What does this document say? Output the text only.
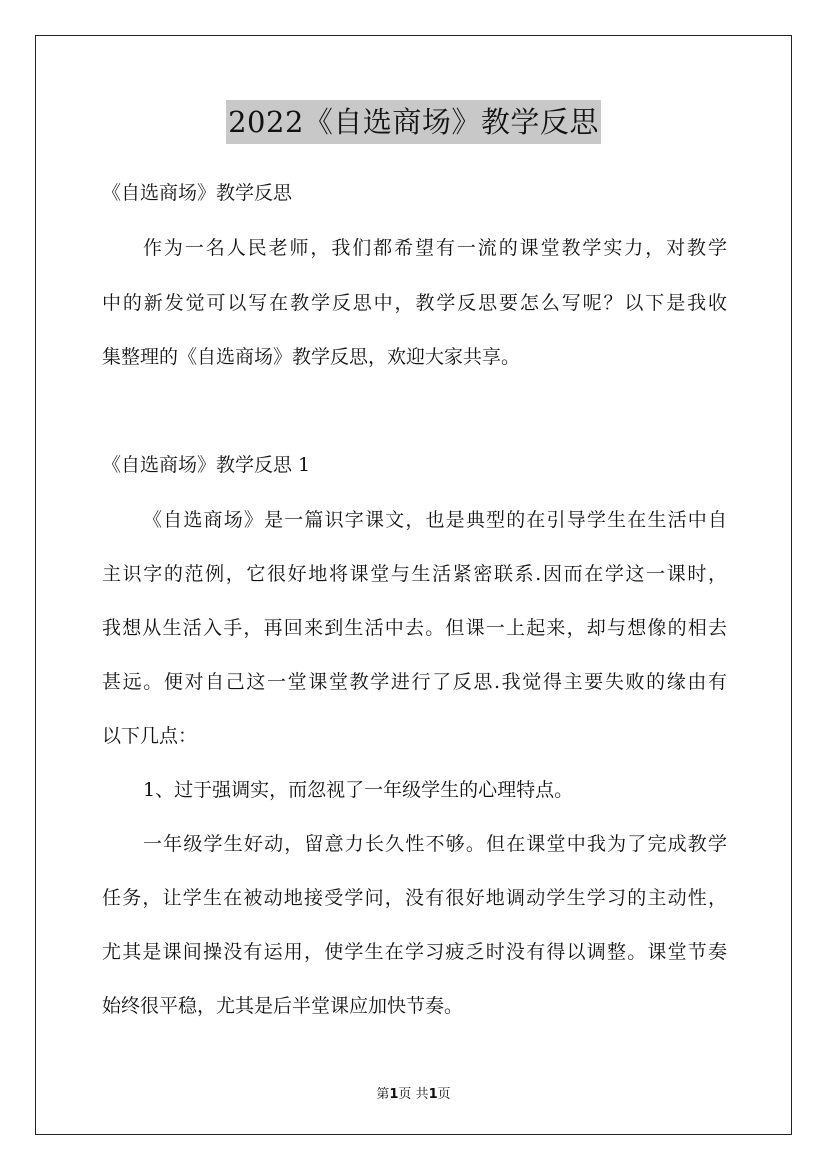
2022《自选商场》教学反思
《自选商场》教学反思
作为一名人民老师，我们都希望有一流的课堂教学实力，对教学
中的新发觉可以写在教学反思中，教学反思要怎么写呢？以下是我收
集整理的《自选商场》教学反思，欢迎大家共享。
《自选商场》教学反思 1
《自选商场》是一篇识字课文，也是典型的在引导学生在生活中自
主识字的范例，它很好地将课堂与生活紧密联系.因而在学这一课时，
我想从生活入手，再回来到生活中去。但课一上起来，却与想像的相去
甚远。便对自己这一堂课堂教学进行了反思.我觉得主要失败的缘由有
以下几点：
1、过于强调实，而忽视了一年级学生的心理特点。
一年级学生好动，留意力长久性不够。但在课堂中我为了完成教学
任务，让学生在被动地接受学问，没有很好地调动学生学习的主动性，
尤其是课间操没有运用，使学生在学习疲乏时没有得以调整。课堂节奏
始终很平稳，尤其是后半堂课应加快节奏。
第1页 共1页
